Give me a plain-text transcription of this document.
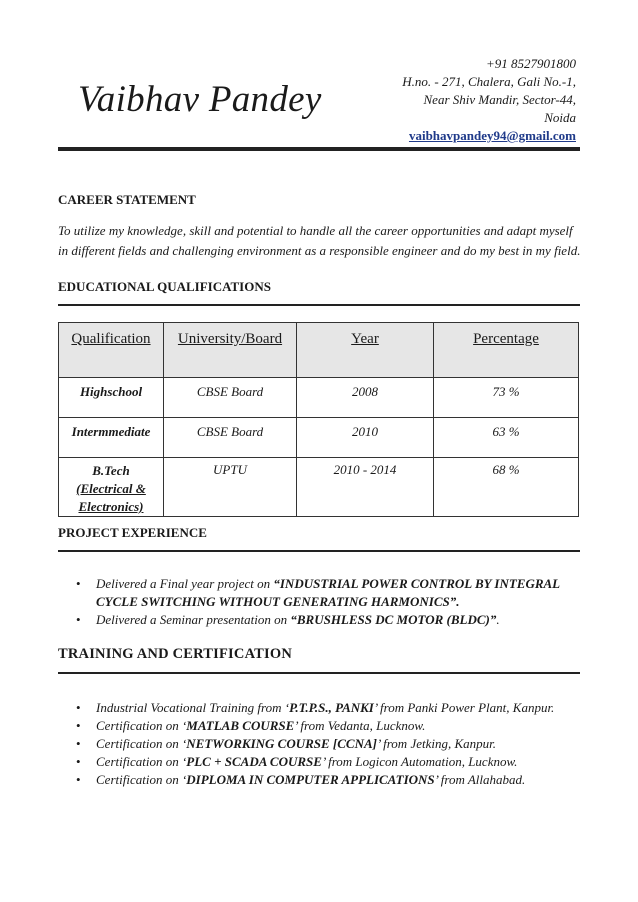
Vaibhav Pandey
+91 8527901800
H.no. - 271, Chalera, Gali No.-1,
Near Shiv Mandir, Sector-44,
Noida
vaibhavpandey94@gmail.com
CAREER STATEMENT
To utilize my knowledge, skill and potential to handle all the career opportunities and adapt myself in different fields and challenging environment as a responsible engineer and do my best in my field.
EDUCATIONAL QUALIFICATIONS
Qualification	University/Board	Year	Percentage
Highschool	CBSE Board	2008	73 %
Intermmediate	CBSE Board	2010	63 %

B.Tech
(Electrical &
Electronics)	UPTU	2010 - 2014	68 %
PROJECT EXPERIENCE
• Delivered a Final year project on “INDUSTRIAL POWER CONTROL BY INTEGRAL CYCLE SWITCHING WITHOUT GENERATING HARMONICS”.
• Delivered a Seminar presentation on “BRUSHLESS DC MOTOR (BLDC)”.
TRAINING AND CERTIFICATION
• Industrial Vocational Training from ‘P.T.P.S., PANKI’ from Panki Power Plant, Kanpur.
• Certification on ‘MATLAB COURSE’ from Vedanta, Lucknow.
• Certification on ‘NETWORKING COURSE [CCNA]’ from Jetking, Kanpur.
• Certification on ‘PLC + SCADA COURSE’ from Logicon Automation, Lucknow.
• Certification on ‘DIPLOMA IN COMPUTER APPLICATIONS’ from Allahabad.
